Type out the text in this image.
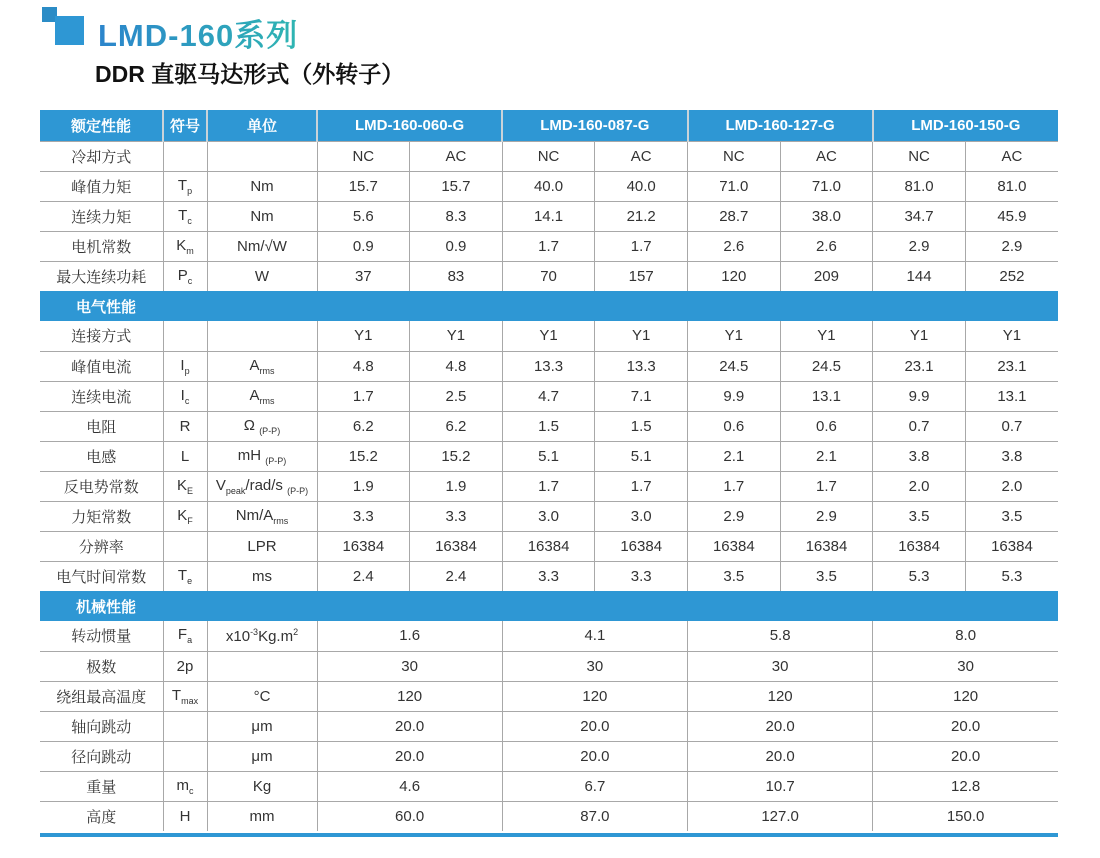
LMD-160系列
DDR 直驱马达形式（外转子）
额定性能	符号	单位	LMD-160-060-G		LMD-160-087-G		LMD-160-127-G		LMD-160-150-G	
冷却方式			NC	AC	NC	AC	NC	AC	NC	AC
峰值力矩	$T_p$	Nm	15.7	15.7	40.0	40.0	71.0	71.0	81.0	81.0
连续力矩	$T_c$	Nm	5.6	8.3	14.1	21.2	28.7	38.0	34.7	45.9
电机常数	$K_m$	Nm/√W	0.9	0.9	1.7	1.7	2.6	2.6	2.9	2.9
最大连续功耗	$P_c$	W	37	83	70	157	120	209	144	252
电气性能										
连接方式			Y1	Y1	Y1	Y1	Y1	Y1	Y1	Y1
峰值电流	$I_p$	$A_{rms}$	4.8	4.8	13.3	13.3	24.5	24.5	23.1	23.1
连续电流	$I_c$	$A_{rms}$	1.7	2.5	4.7	7.1	9.9	13.1	9.9	13.1
电阻	R	Ω $_{(P-P)}$	6.2	6.2	1.5	1.5	0.6	0.6	0.7	0.7
电感	L	mH $_{(P-P)}$	15.2	15.2	5.1	5.1	2.1	2.1	3.8	3.8
反电势常数	$K_E$	$V_{peak}/rad/s$ $_{(P-P)}$	1.9	1.9	1.7	1.7	1.7	1.7	2.0	2.0
力矩常数	$K_F$	$Nm/A_{rms}$	3.3	3.3	3.0	3.0	2.9	2.9	3.5	3.5
分辨率		LPR	16384	16384	16384	16384	16384	16384	16384	16384
电气时间常数	$T_e$	ms	2.4	2.4	3.3	3.3	3.5	3.5	5.3	5.3
机械性能										
转动惯量	$F_a$	$x10^{-3}Kg.m^2$	1.6		4.1		5.8		8.0	
极数	2p		30		30		30		30	
绕组最高温度	$T_{max}$	°C	120		120		120		120	
轴向跳动		μm	20.0		20.0		20.0		20.0	
径向跳动		μm	20.0		20.0		20.0		20.0	
重量	$m_c$	Kg	4.6		6.7		10.7		12.8	
高度	H	mm	60.0		87.0		127.0		150.0	
